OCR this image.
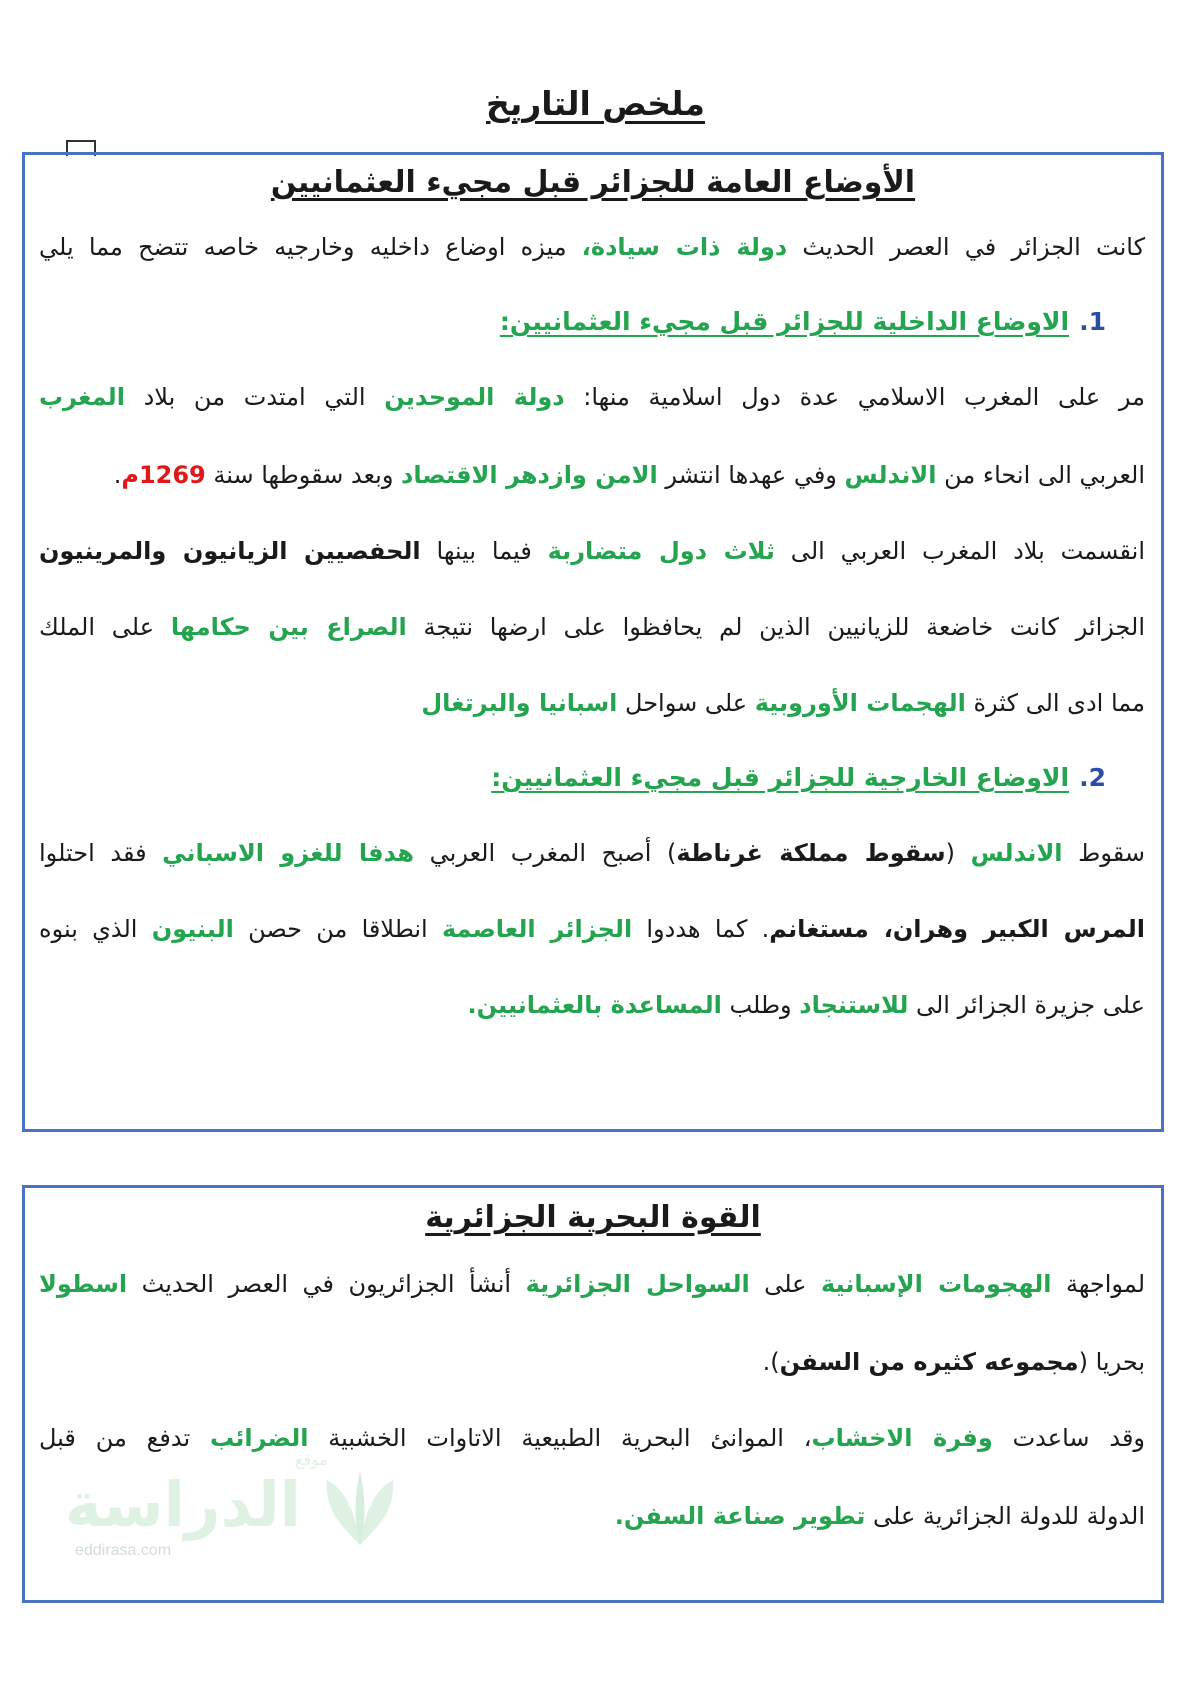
ملخص التاريخ
الأوضاع العامة للجزائر قبل مجيء العثمانيين
كانت الجزائر في العصر الحديث دولة ذات سيادة، ميزه اوضاع داخليه وخارجيه خاصه تتضح مما يلي
1.الاوضاع الداخلية للجزائر قبل مجيء العثمانيين:
مر على المغرب الاسلامي عدة دول اسلامية منها: دولة الموحدين التي امتدت من بلاد المغرب
العربي الى انحاء من الاندلس وفي عهدها انتشر الامن وازدهر الاقتصاد وبعد سقوطها سنة 1269م.
انقسمت بلاد المغرب العربي الى ثلاث دول متضاربة فيما بينها الحفصيين الزيانيون والمرينيون
الجزائر كانت خاضعة للزيانيين الذين لم يحافظوا على ارضها نتيجة الصراع بين حكامها على الملك
مما ادى الى كثرة الهجمات الأوروبية على سواحل اسبانيا والبرتغال
2.الاوضاع الخارجية للجزائر قبل مجيء العثمانيين:
سقوط الاندلس (سقوط مملكة غرناطة) أصبح المغرب العربي هدفا للغزو الاسباني فقد احتلوا
المرس الكبير وهران، مستغانم. كما هددوا الجزائر العاصمة انطلاقا من حصن البنيون الذي بنوه
على جزيرة الجزائر الى للاستنجاد وطلب المساعدة بالعثمانيين.
القوة البحرية الجزائرية
لمواجهة الهجومات الإسبانية على السواحل الجزائرية أنشأ الجزائريون في العصر الحديث اسطولا
بحريا (مجموعه كثيره من السفن).
وقد ساعدت وفرة الاخشاب، الموانئ البحرية الطبيعية الاتاوات الخشبية الضرائب تدفع من قبل
الدولة للدولة الجزائرية على تطوير صناعة السفن.
موقع
الدراسة
eddirasa.com
